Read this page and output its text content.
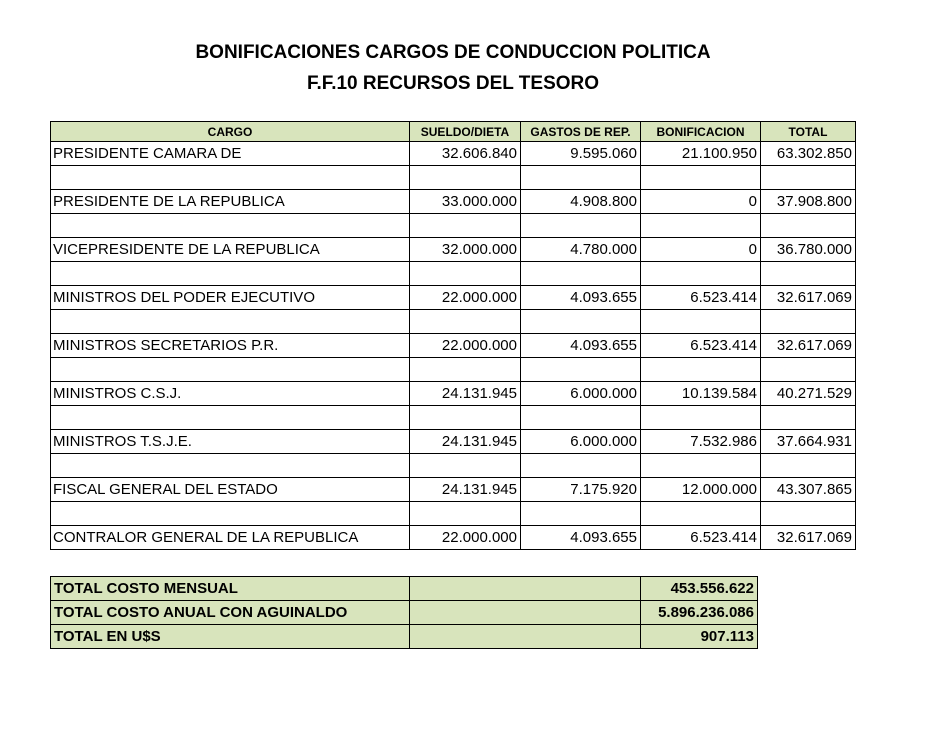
BONIFICACIONES CARGOS DE CONDUCCION POLITICA
F.F.10 RECURSOS DEL TESORO
CARGO	SUELDO/DIETA	GASTOS DE REP.	BONIFICACION	TOTAL
PRESIDENTE CAMARA DE	32.606.840	9.595.060	21.100.950	63.302.850

PRESIDENTE DE LA REPUBLICA	33.000.000	4.908.800	0	37.908.800

VICEPRESIDENTE DE LA REPUBLICA	32.000.000	4.780.000	0	36.780.000

MINISTROS DEL PODER EJECUTIVO	22.000.000	4.093.655	6.523.414	32.617.069

MINISTROS SECRETARIOS P.R.	22.000.000	4.093.655	6.523.414	32.617.069

MINISTROS C.S.J.	24.131.945	6.000.000	10.139.584	40.271.529

MINISTROS T.S.J.E.	24.131.945	6.000.000	7.532.986	37.664.931

FISCAL GENERAL DEL ESTADO	24.131.945	7.175.920	12.000.000	43.307.865

CONTRALOR GENERAL DE LA REPUBLICA	22.000.000	4.093.655	6.523.414	32.617.069
TOTAL COSTO MENSUAL		453.556.622
TOTAL COSTO ANUAL CON AGUINALDO		5.896.236.086
TOTAL EN U$S		907.113
